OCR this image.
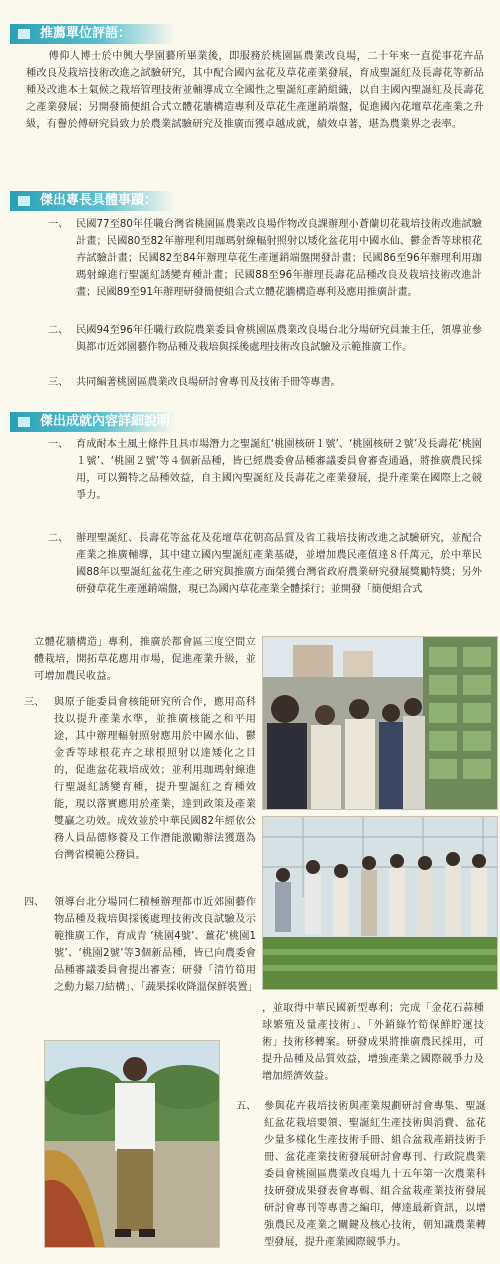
推薦單位評語：
傅仰人博士於中興大學園藝所畢業後，即服務於桃園區農業改良場，二十年來一直從事花卉品種改良及栽培技術改進之試驗研究，其中配合國內盆花及草花產業發展，育成聖誕紅及長壽花等新品種及改進本土氣候之栽培管理技術並輔導成立全國性之聖誕紅產銷組織，以自主國內聖誕紅及長壽花之產業發展；另開發簡便組合式立體花牆構造專利及草花生產運銷端盤，促進國內花壇草花產業之升級，有譽於傅研究員致力於農業試驗研究及推廣而獲卓越成就，績效卓著，堪為農業界之表率。
傑出專長具體事蹟：
一、 民國77至80年任職台灣省桃園區農業改良場作物改良課辦理小蒼蘭切花栽培技術改進試驗計畫；民國80至82年辦理利用珈瑪射線輻射照射以矮化盆花用中國水仙、鬱金香等球根花卉試驗計畫；民國82至84年辦理草花生產運銷端盤開發計畫；民國86至96年辦理利用珈瑪射線進行聖誕紅誘變育種計畫；民國88至96年辦理長壽花品種改良及栽培技術改進計畫；民國89至91年辦理研發簡便組合式立體花牆構造專利及應用推廣計畫。
二、 民國94至96年任職行政院農業委員會桃園區農業改良場台北分場研究員兼主任，領導並參與都市近郊園藝作物品種及栽培與採後處理技術改良試驗及示範推廣工作。
三、 共同編著桃園區農業改良場研討會專刊及技術手冊等專書。
傑出成就內容詳細說明
一、 育成耐本土風土條件且具市場潛力之聖誕紅‘桃園核研１號’、‘桃園核研２號’及長壽花‘桃園１號’、‘桃園２號’等４個新品種，皆已經農委會品種審議委員會審查通過，將推廣農民採用，可以獨特之品種效益，自主國內聖誕紅及長壽花之產業發展，提升產業在國際上之競爭力。
二、 辦理聖誕紅、長壽花等盆花及花壇草花朝高品質及省工栽培技術改進之試驗研究，並配合產業之推廣輔導，其中建立國內聖誕紅產業基礎，並增加農民產值達８仟萬元，於中華民國88年以聖誕紅盆花生產之研究與推廣方面榮獲台灣省政府農業研究發展獎勵特獎；另外研發草花生產運銷端盤，現已為國內草花產業全體採行；並開發「簡便組合式
立體花牆構造」專利，推廣於都會區三度空間立體栽培，開拓草花應用市場，促進產業升級，並可增加農民收益。
三、 與原子能委員會核能研究所合作，應用高科技以提升產業水準，並推廣核能之和平用途，其中辦理輻射照射應用於中國水仙、鬱金香等球根花卉之球根照射以達矮化之目的，促進盆花栽培成效；並利用珈瑪射線進行聖誕紅誘變育種，提升聖誕紅之育種效能，現以落實應用於產業，達到政策及產業雙贏之功效。成效並於中華民國82年經依公務人員品德修養及工作潛能激勵辦法獲選為台灣省模範公務員。
四、 領導台北分場同仁積極辦理都市近郊園藝作物品種及栽培與採後處理技術改良試驗及示範推廣工作，育成青 ‘桃園4號’、薑花‘桃園1號’、‘桃園2號’等3個新品種，皆已向農委會品種審議委員會提出審查；研發「清竹筍用之動力鬆刀結構」、「蔬果採收降溫保鮮裝置」
，並取得中華民國新型專利；完成「金花石蒜種球繁殖及量產技術」、「外銷綠竹筍保鮮貯運技術」技術移轉案。研發成果將推廣農民採用，可提升品種及品質效益，增強產業之國際競爭力及增加經濟效益。
五、 參與花卉栽培技術與產業規劃研討會專集、聖誕紅盆花栽培要領、聖誕紅生產技術與消費、盆花少量多樣化生產技術手冊、組合盆栽產銷技術手冊、盆花產業技術發展研討會專刊、行政院農業委員會桃園區農業改良場九十五年第一次農業科技研發成果發表會專輯、組合盆栽產業技術發展研討會專刊等專書之編印，傳達最新資訊，以增強農民及產業之關鍵及核心技術，朝知識農業轉型發展，提升產業國際競爭力。
